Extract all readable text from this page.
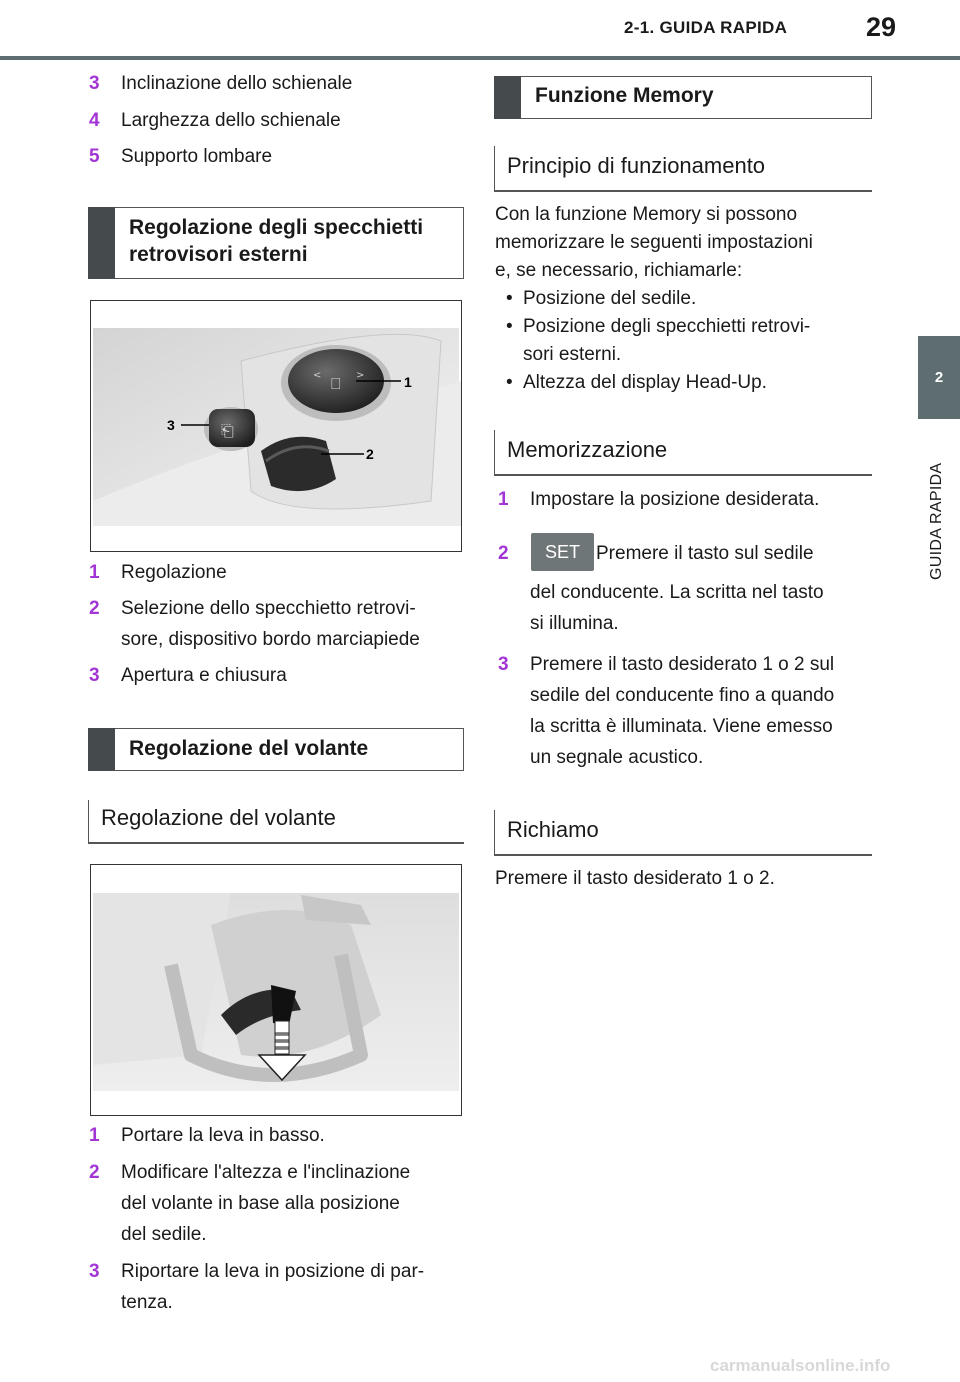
2-1. GUIDA RAPIDA	29
2
GUIDA RAPIDA
3 Inclinazione dello schienale
4 Larghezza dello schienale
5 Supporto lombare
Regolazione degli specchietti
retrovisori esterni
⎕
<	>
⎗
1
2
3
1 Regolazione
2 Selezione dello specchietto retrovi-
sore, dispositivo bordo marciapiede
3 Apertura e chiusura
Regolazione del volante
Regolazione del volante
1 Portare la leva in basso.
2 Modificare l'altezza e l'inclinazione
del volante in base alla posizione
del sedile.
3 Riportare la leva in posizione di par-
tenza.
Funzione Memory
Principio di funzionamento
Con la funzione Memory si possono
memorizzare le seguenti impostazioni
e, se necessario, richiamarle:
• Posizione del sedile.
• Posizione degli specchietti retrovi-
sori esterni.
• Altezza del display Head-Up.
Memorizzazione
1 Impostare la posizione desiderata.
2	SET Premere il tasto sul sedile
del conducente. La scritta nel tasto
si illumina.
3 Premere il tasto desiderato 1 o 2 sul
sedile del conducente fino a quando
la scritta è illuminata. Viene emesso
un segnale acustico.
Richiamo
Premere il tasto desiderato 1 o 2.
carmanualsonline.info
